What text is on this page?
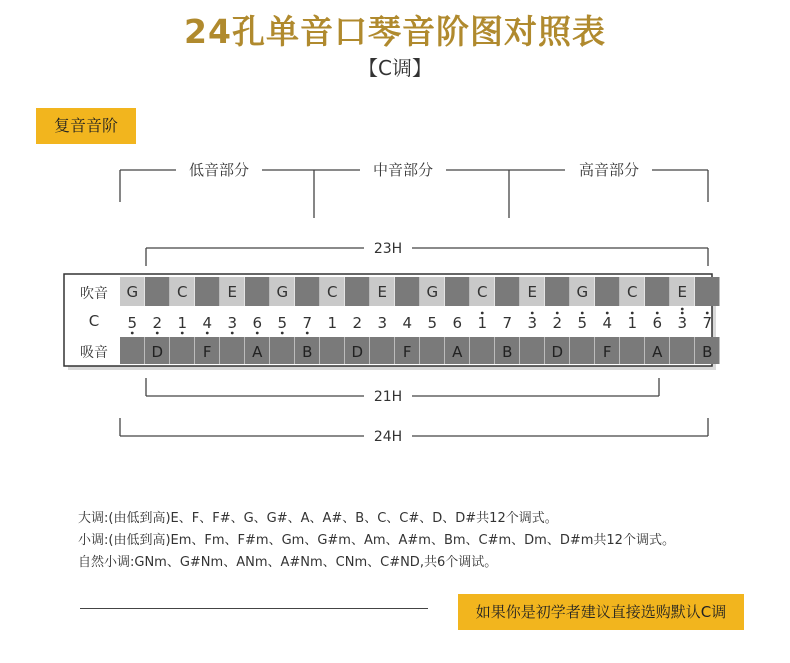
24孔单音口琴音阶图对照表
【C调】
复音音阶
低音部分	中音部分	高音部分
23H
G
5
D
2
C
1
F
4
E
3
A
6
G
5
B
7
C
1
D
2
E
3
F
4
G
5
A
6
C
1
B
7
E
3
D
2
G
5
F
4
C
1
A
6
E
3
B
7
吹音
C
吸音
21H
24H
大调:(由低到高)E、F、F#、G、G#、A、A#、B、C、C#、D、D#共12个调式。
小调:(由低到高)Em、Fm、F#m、Gm、G#m、Am、A#m、Bm、C#m、Dm、D#m共12个调式。
自然小调:GNm、G#Nm、ANm、A#Nm、CNm、C#ND,共6个调试。
如果你是初学者建议直接选购默认C调
